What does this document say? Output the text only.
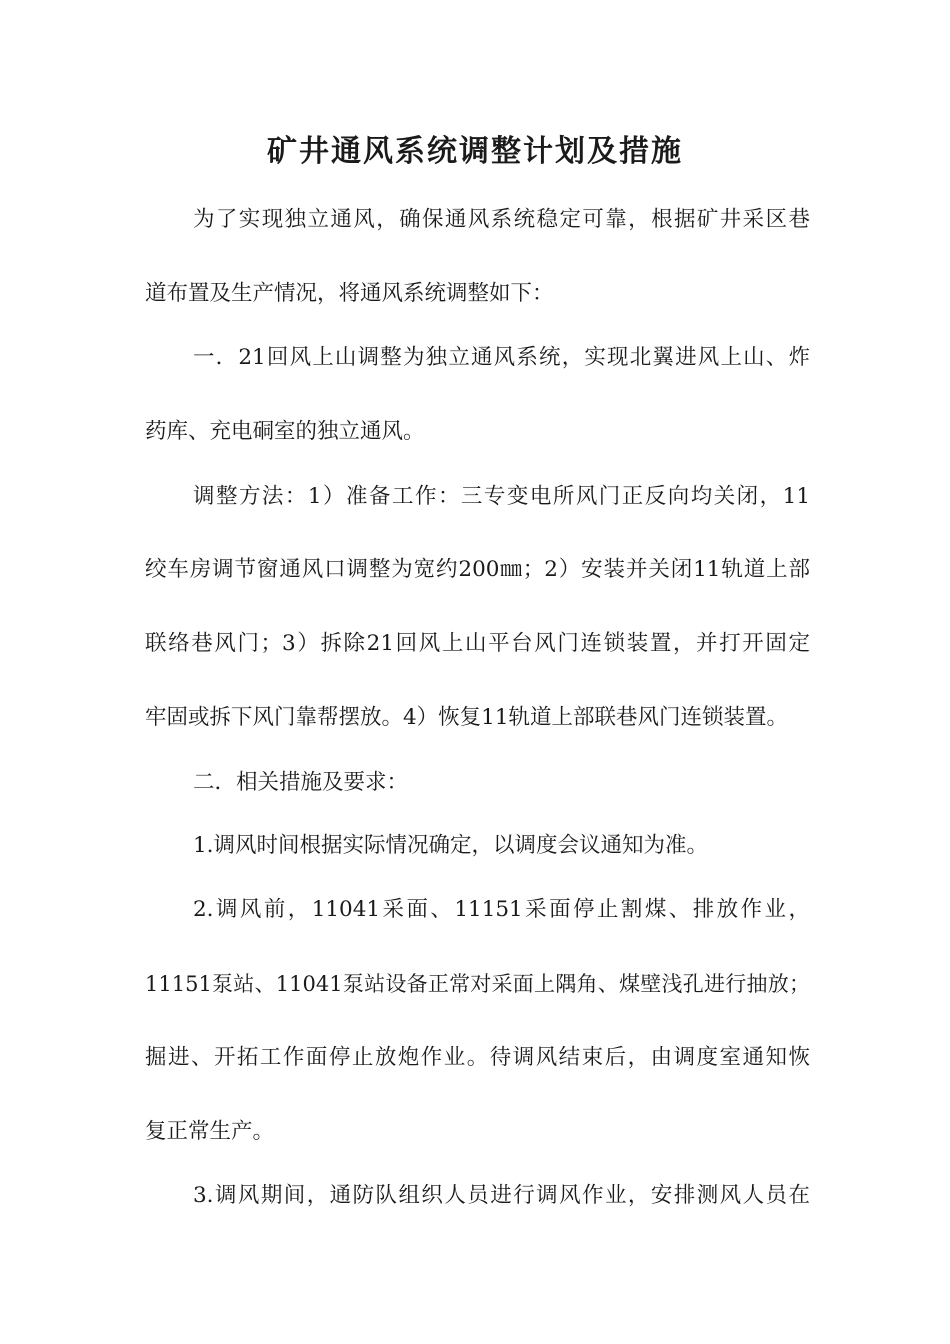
矿井通风系统调整计划及措施

为了实现独立通风，确保通风系统稳定可靠，根据矿井采区巷

道布置及生产情况，将通风系统调整如下：

一．21回风上山调整为独立通风系统，实现北翼进风上山、炸

药库、充电硐室的独立通风。

调整方法：1）准备工作：三专变电所风门正反向均关闭，11

绞车房调节窗通风口调整为宽约200㎜；2）安装并关闭11轨道上部

联络巷风门；3）拆除21回风上山平台风门连锁装置，并打开固定

牢固或拆下风门靠帮摆放。4）恢复11轨道上部联巷风门连锁装置。

二．相关措施及要求：

1.调风时间根据实际情况确定，以调度会议通知为准。

2.调风前，11041采面、11151采面停止割煤、排放作业，

11151泵站、11041泵站设备正常对采面上隅角、煤壁浅孔进行抽放；

掘进、开拓工作面停止放炮作业。待调风结束后，由调度室通知恢

复正常生产。

3.调风期间，通防队组织人员进行调风作业，安排测风人员在
